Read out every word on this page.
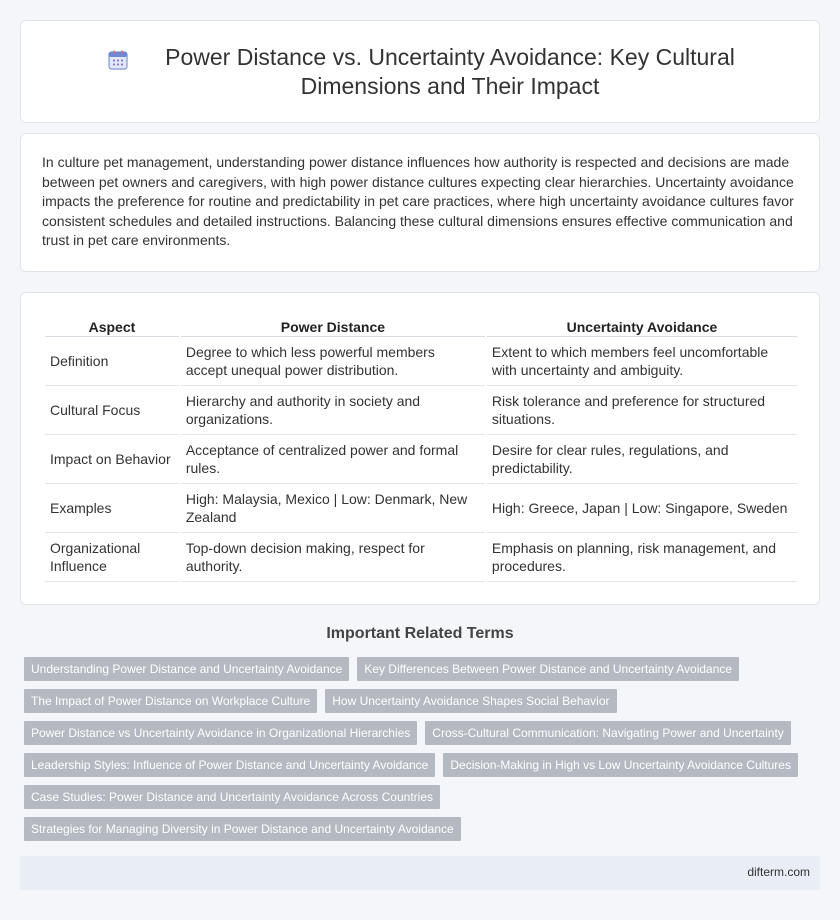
Power Distance vs. Uncertainty Avoidance: Key Cultural Dimensions and Their Impact

In culture pet management, understanding power distance influences how authority is respected and decisions are made between pet owners and caregivers, with high power distance cultures expecting clear hierarchies. Uncertainty avoidance impacts the preference for routine and predictability in pet care practices, where high uncertainty avoidance cultures favor consistent schedules and detailed instructions. Balancing these cultural dimensions ensures effective communication and trust in pet care environments.

Aspect	Power Distance	Uncertainty Avoidance
Definition	Degree to which less powerful members accept unequal power distribution.	Extent to which members feel uncomfortable with uncertainty and ambiguity.
Cultural Focus	Hierarchy and authority in society and organizations.	Risk tolerance and preference for structured situations.
Impact on Behavior	Acceptance of centralized power and formal rules.	Desire for clear rules, regulations, and predictability.
Examples	High: Malaysia, Mexico | Low: Denmark, New Zealand	High: Greece, Japan | Low: Singapore, Sweden
Organizational Influence	Top-down decision making, respect for authority.	Emphasis on planning, risk management, and procedures.
Important Related Terms
Understanding Power Distance and Uncertainty Avoidance	Key Differences Between Power Distance and Uncertainty Avoidance
The Impact of Power Distance on Workplace Culture	How Uncertainty Avoidance Shapes Social Behavior
Power Distance vs Uncertainty Avoidance in Organizational Hierarchies	Cross-Cultural Communication: Navigating Power and Uncertainty
Leadership Styles: Influence of Power Distance and Uncertainty Avoidance	Decision-Making in High vs Low Uncertainty Avoidance Cultures
Case Studies: Power Distance and Uncertainty Avoidance Across Countries
Strategies for Managing Diversity in Power Distance and Uncertainty Avoidance
difterm.com
